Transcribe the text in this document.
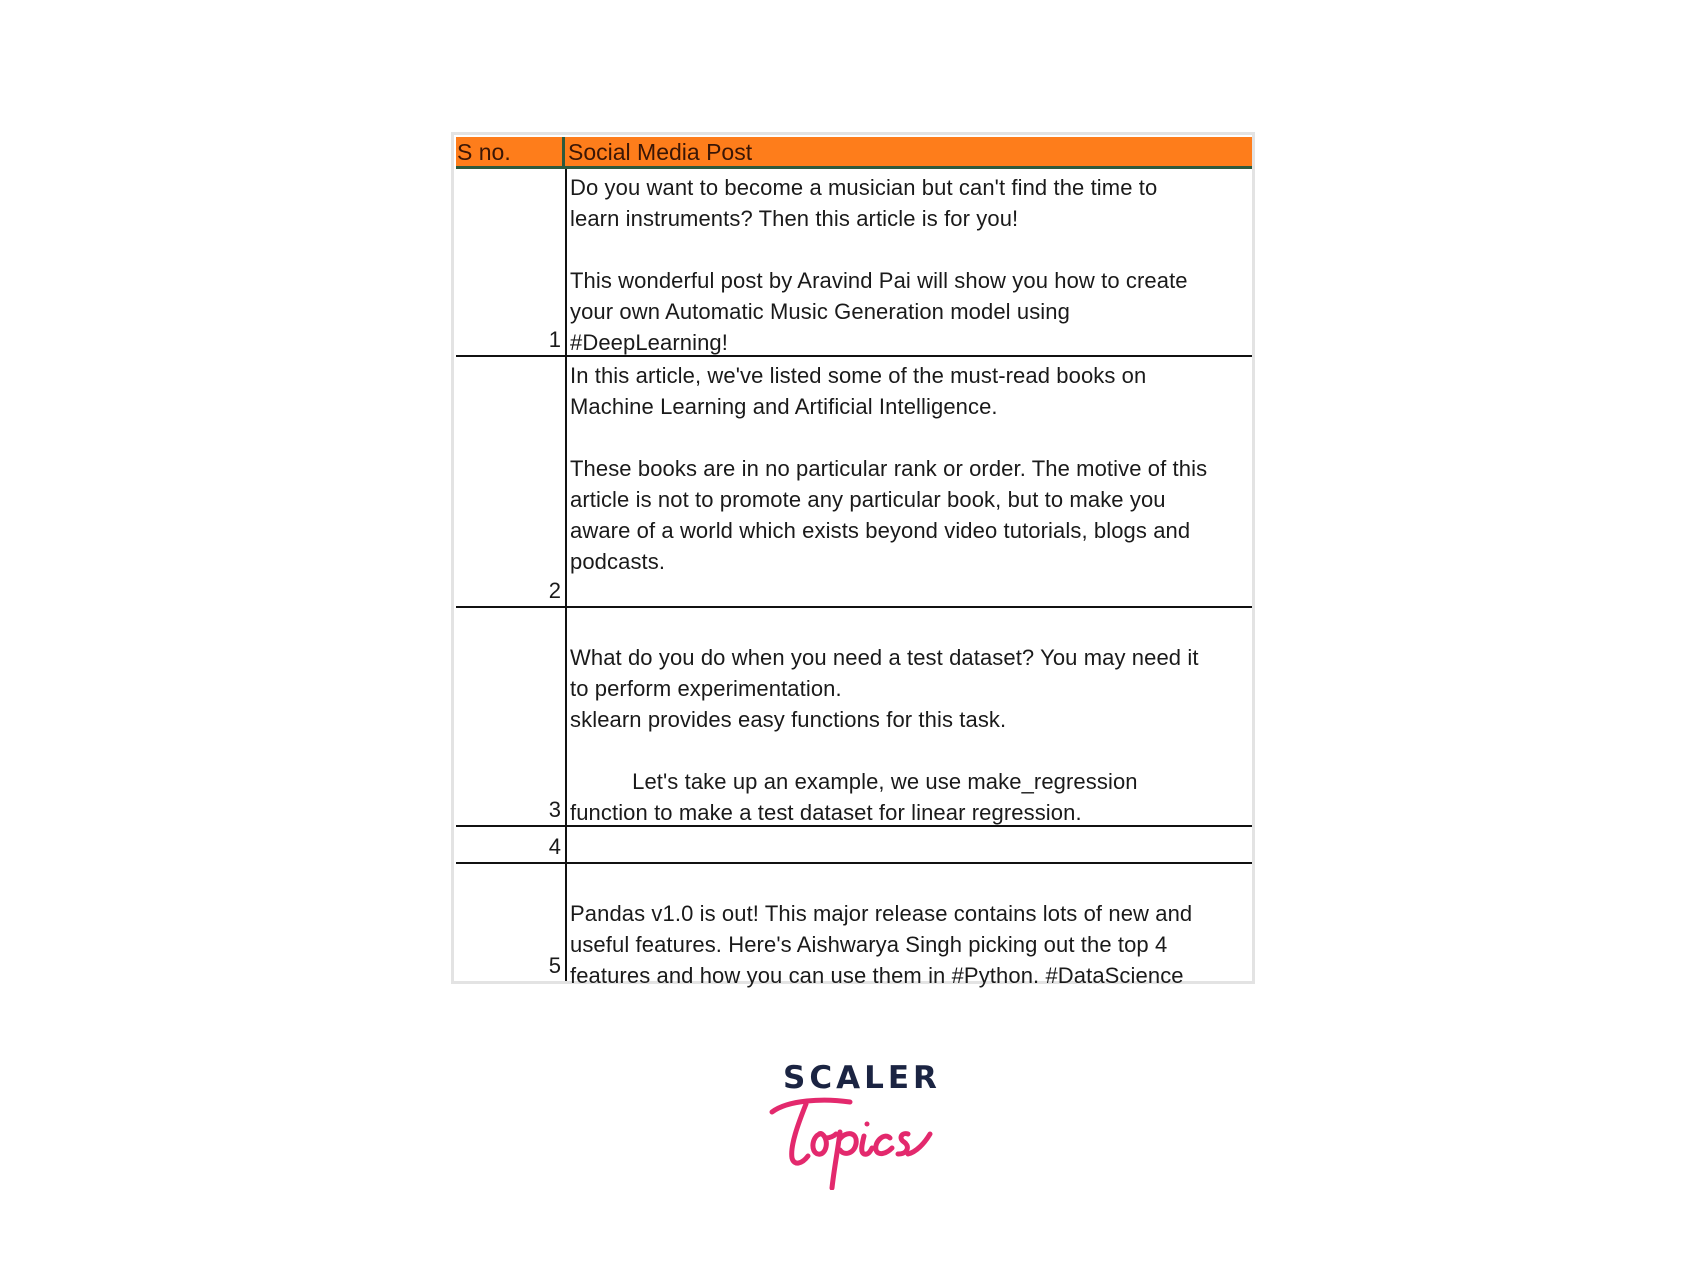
S no.	Social Media Post
Do you want to become a musician but can't find the time to
learn instruments? Then this article is for you!

This wonderful post by Aravind Pai will show you how to create
your own Automatic Music Generation model using
#DeepLearning!
1
In this article, we've listed some of the must-read books on
Machine Learning and Artificial Intelligence.

These books are in no particular rank or order. The motive of this
article is not to promote any particular book, but to make you
aware of a world which exists beyond video tutorials, blogs and
podcasts.
2

What do you do when you need a test dataset? You may need it
to perform experimentation.
sklearn provides easy functions for this task.

Let's take up an example, we use make_regression
function to make a test dataset for linear regression.
3
4

Pandas v1.0 is out! This major release contains lots of new and
useful features. Here's Aishwarya Singh picking out the top 4
features and how you can use them in #Python. #DataScience
5
SCALER
Topics
